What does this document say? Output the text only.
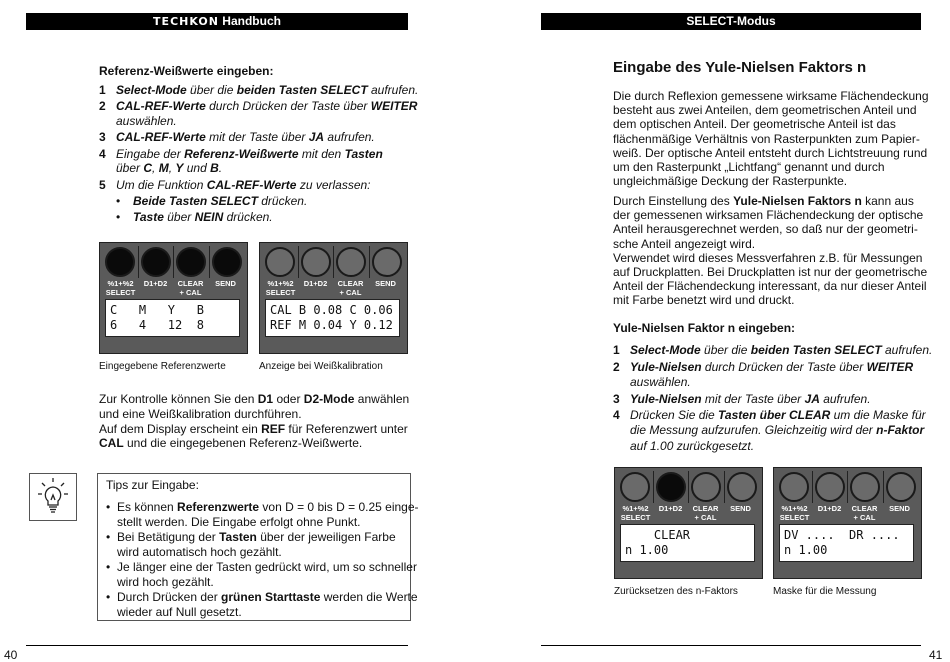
TECHKON Handbuch
Referenz-Weißwerte eingeben:
1 Select-Mode über die beiden Tasten SELECT aufrufen.
2 CAL-REF-Werte durch Drücken der Taste über WEITER
auswählen.
3 CAL-REF-Werte mit der Taste über JA aufrufen.
4 Eingabe der Referenz-Weißwerte mit den Tasten
über C, M, Y und B.
5 Um die Funktion CAL-REF-Werte zu verlassen:
• Beide Tasten SELECT drücken.
• Taste über NEIN drücken.
%1+%2
SELECT
D1+D2	CLEAR
+ CAL
SEND
C   M   Y   B
6   4   12  8
Eingegebene Referenzwerte
%1+%2
SELECT
D1+D2	CLEAR
+ CAL
SEND
CAL B 0.08 C 0.06
REF M 0.04 Y 0.12
Anzeige bei Weißkalibration
Zur Kontrolle können Sie den D1 oder D2-Mode anwählen
und eine Weißkalibration durchführen.
Auf dem Display erscheint ein REF für Referenzwert unter
CAL und die eingegebenen Referenz-Weißwerte.
Tips zur Eingabe:
• Es können Referenzwerte von D = 0 bis D = 0.25 einge-
stellt werden. Die Eingabe erfolgt ohne Punkt.
• Bei Betätigung der Tasten über der jeweiligen Farbe
wird automatisch hoch gezählt.
• Je länger eine der Tasten gedrückt wird, um so schneller
wird hoch gezählt.
• Durch Drücken der grünen Starttaste werden die Werte
wieder auf Null gesetzt.
40
SELECT-Modus
Eingabe des Yule-Nielsen Faktors n
Die durch Reflexion gemessene wirksame Flächendeckung
besteht aus zwei Anteilen, dem geometrischen Anteil und
dem optischen Anteil. Der geometrische Anteil ist das
flächenmäßige Verhältnis von Rasterpunkten zum Papier-
weiß. Der optische Anteil entsteht durch Lichtstreuung rund
um den Rasterpunkt „Lichtfang“ genannt und durch
ungleichmäßige Deckung der Rasterpunkte.
Durch Einstellung des Yule-Nielsen Faktors n kann aus
der gemessenen wirksamen Flächendeckung der optische
Anteil herausgerechnet werden, so daß nur der geometri-
sche Anteil angezeigt wird.
Verwendet wird dieses Messverfahren z.B. für Messungen
auf Druckplatten. Bei Druckplatten ist nur der geometrische
Anteil der Flächendeckung interessant, da nur dieser Anteil
mit Farbe benetzt wird und druckt.
Yule-Nielsen Faktor n eingeben:
1 Select-Mode über die beiden Tasten SELECT aufrufen.
2 Yule-Nielsen durch Drücken der Taste über WEITER
auswählen.
3 Yule-Nielsen mit der Taste über JA aufrufen.
4 Drücken Sie die Tasten über CLEAR um die Maske für
die Messung aufzurufen. Gleichzeitig wird der n-Faktor
auf 1.00 zurückgesetzt.
%1+%2
SELECT
D1+D2	CLEAR
+ CAL
SEND
CLEAR
n 1.00
Zurücksetzen des n-Faktors
%1+%2
SELECT
D1+D2	CLEAR
+ CAL
SEND
DV ....  DR ....
n 1.00
Maske für die Messung
41
